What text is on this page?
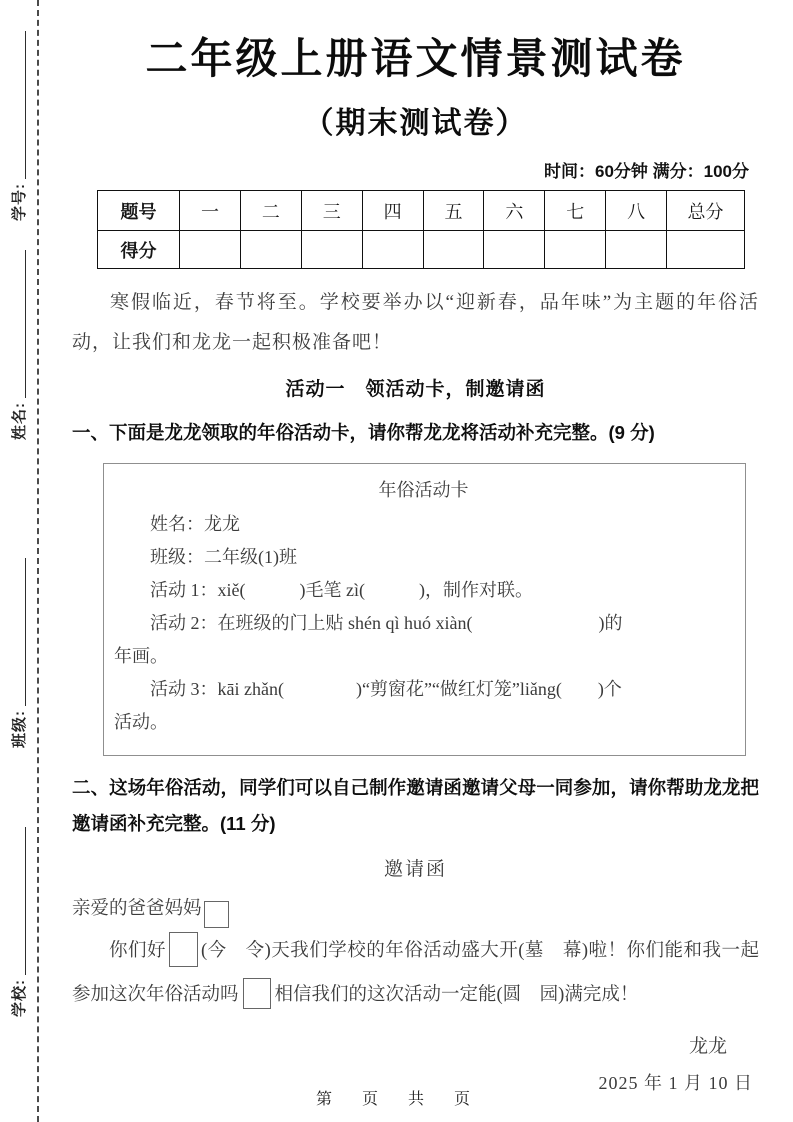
学号:
姓名:
班级:
学校:
二年级上册语文情景测试卷
（期末测试卷）
时间：60分钟 满分：100分
题号	一	二	三	四	五	六	七	八	总分
得分									

寒假临近，春节将至。学校要举办以“迎新春，品年味”为主题的年俗活动，让我们和龙龙一起积极准备吧！

活动一　领活动卡，制邀请函

一、下面是龙龙领取的年俗活动卡，请你帮龙龙将活动补充完整。(9 分)

年俗活动卡

姓名：龙龙

班级：二年级(1)班

活动 1：xiě(　　　)毛笔 zì(　　　)，制作对联。

活动 2：在班级的门上贴 shén qì huó xiàn(　　　　　　　)的

年画。

活动 3：kāi zhǎn(　　　　)“剪窗花”“做红灯笼”liǎng(　　)个

活动。

二、这场年俗活动，同学们可以自己制作邀请函邀请父母一同参加，请你帮助龙龙把邀请函补充完整。(11 分)

邀请函

亲爱的爸爸妈妈

你们好 (今　令)天我们学校的年俗活动盛大开(墓　幕)啦！你们能和我一起参加这次年俗活动吗 相信我们的这次活动一定能(圆　园)满完成！

龙龙
2025 年 1 月 10 日
第　页　共　页
